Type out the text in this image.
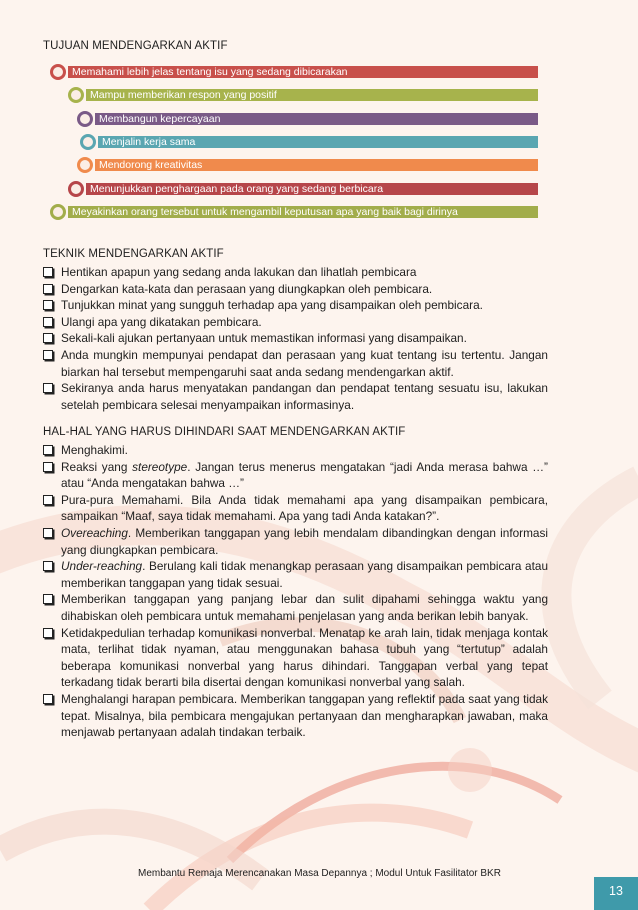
TUJUAN MENDENGARKAN AKTIF
Memahami lebih jelas tentang isu yang sedang dibicarakan
Mampu memberikan respon yang positif
Membangun kepercayaan
Menjalin kerja sama
Mendorong kreativitas
Menunjukkan penghargaan pada orang yang sedang berbicara
Meyakinkan orang tersebut untuk mengambil keputusan apa yang baik bagi dirinya
TEKNIK MENDENGARKAN AKTIF
Hentikan apapun yang sedang anda lakukan dan lihatlah pembicara
Dengarkan kata-kata dan perasaan yang diungkapkan oleh pembicara.
Tunjukkan minat yang sungguh terhadap apa yang disampaikan oleh pembicara.
Ulangi apa yang dikatakan pembicara.
Sekali-kali ajukan pertanyaan untuk memastikan informasi yang disampaikan.
Anda mungkin mempunyai pendapat dan perasaan yang kuat tentang isu tertentu. Jangan biarkan hal tersebut mempengaruhi saat anda sedang mendengarkan aktif.
Sekiranya anda harus menyatakan pandangan dan pendapat tentang sesuatu isu, lakukan setelah pembicara selesai menyampaikan informasinya.
HAL-HAL YANG HARUS DIHINDARI SAAT MENDENGARKAN AKTIF
Menghakimi.
Reaksi yang stereotype. Jangan terus menerus mengatakan “jadi Anda merasa bahwa …” atau “Anda mengatakan bahwa …”
Pura-pura Memahami. Bila Anda tidak memahami apa yang disampaikan pembicara, sampaikan “Maaf, saya tidak memahami. Apa yang tadi Anda katakan?”.
Overeaching. Memberikan tanggapan yang lebih mendalam dibandingkan dengan informasi yang diungkapkan pembicara.
Under-reaching. Berulang kali tidak menangkap perasaan yang disampaikan pembicara atau memberikan tanggapan yang tidak sesuai.
Memberikan tanggapan yang panjang lebar dan sulit dipahami sehingga waktu yang dihabiskan oleh pembicara untuk memahami penjelasan yang anda berikan lebih banyak.
Ketidakpedulian terhadap komunikasi nonverbal. Menatap ke arah lain, tidak menjaga kontak mata, terlihat tidak nyaman, atau menggunakan bahasa tubuh yang “tertutup” adalah beberapa komunikasi nonverbal yang harus dihindari. Tanggapan verbal yang tepat terkadang tidak berarti bila disertai dengan komunikasi nonverbal yang salah.
Menghalangi harapan pembicara. Memberikan tanggapan yang reflektif pada saat yang tidak tepat. Misalnya, bila pembicara mengajukan pertanyaan dan mengharapkan jawaban, maka menjawab pertanyaan adalah tindakan terbaik.
Membantu Remaja Merencanakan Masa Depannya ; Modul Untuk Fasilitator BKR
13
